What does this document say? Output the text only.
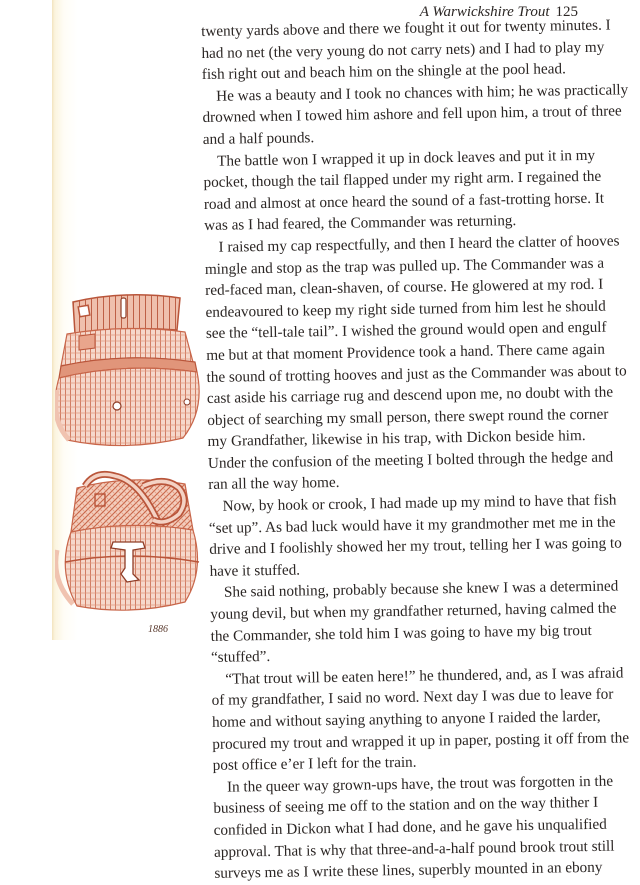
A Warwickshire Trout 125
twenty yards above and there we fought it out for twenty minutes. I
had no net (the very young do not carry nets) and I had to play my
fish right out and beach him on the shingle at the pool head.
He was a beauty and I took no chances with him; he was practically
drowned when I towed him ashore and fell upon him, a trout of three
and a half pounds.
The battle won I wrapped it up in dock leaves and put it in my
pocket, though the tail flapped under my right arm. I regained the
road and almost at once heard the sound of a fast-trotting horse. It
was as I had feared, the Commander was returning.
I raised my cap respectfully, and then I heard the clatter of hooves
mingle and stop as the trap was pulled up. The Commander was a
red-faced man, clean-shaven, of course. He glowered at my rod. I
endeavoured to keep my right side turned from him lest he should
see the “tell-tale tail”. I wished the ground would open and engulf
me but at that moment Providence took a hand. There came again
the sound of trotting hooves and just as the Commander was about to
cast aside his carriage rug and descend upon me, no doubt with the
object of searching my small person, there swept round the corner
my Grandfather, likewise in his trap, with Dickon beside him.
Under the confusion of the meeting I bolted through the hedge and
ran all the way home.
Now, by hook or crook, I had made up my mind to have that fish
“set up”. As bad luck would have it my grandmother met me in the
drive and I foolishly showed her my trout, telling her I was going to
have it stuffed.
She said nothing, probably because she knew I was a determined
young devil, but when my grandfather returned, having calmed the
the Commander, she told him I was going to have my big trout
“stuffed”.
“That trout will be eaten here!” he thundered, and, as I was afraid
of my grandfather, I said no word. Next day I was due to leave for
home and without saying anything to anyone I raided the larder,
procured my trout and wrapped it up in paper, posting it off from the
post office e’er I left for the train.
In the queer way grown-ups have, the trout was forgotten in the
business of seeing me off to the station and on the way thither I
confided in Dickon what I had done, and he gave his unqualified
approval. That is why that three-and-a-half pound brook trout still
surveys me as I write these lines, superbly mounted in an ebony
1886
